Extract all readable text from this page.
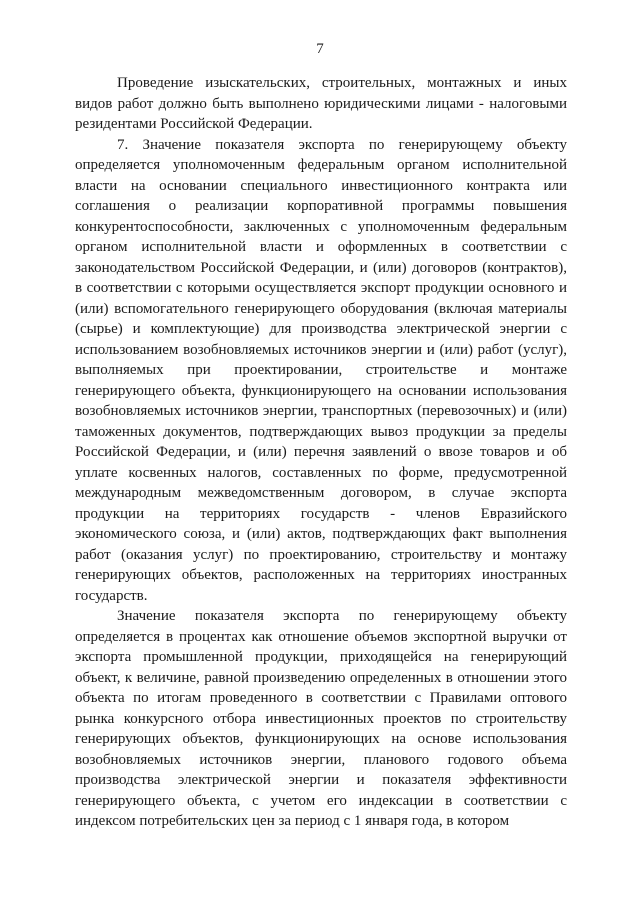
7

Проведение изыскательских, строительных, монтажных и иных видов работ должно быть выполнено юридическими лицами - налоговыми резидентами Российской Федерации.

7. Значение показателя экспорта по генерирующему объекту определяется уполномоченным федеральным органом исполнительной власти на основании специального инвестиционного контракта или соглашения о реализации корпоративной программы повышения конкурентоспособности, заключенных с уполномоченным федеральным органом исполнительной власти и оформленных в соответствии с законодательством Российской Федерации, и (или) договоров (контрактов), в соответствии с которыми осуществляется экспорт продукции основного и (или) вспомогательного генерирующего оборудования (включая материалы (сырье) и комплектующие) для производства электрической энергии с использованием возобновляемых источников энергии и (или) работ (услуг), выполняемых при проектировании, строительстве и монтаже генерирующего объекта, функционирующего на основании использования возобновляемых источников энергии, транспортных (перевозочных) и (или) таможенных документов, подтверждающих вывоз продукции за пределы Российской Федерации, и (или) перечня заявлений о ввозе товаров и об уплате косвенных налогов, составленных по форме, предусмотренной международным межведомственным договором, в случае экспорта продукции на территориях государств - членов Евразийского экономического союза, и (или) актов, подтверждающих факт выполнения работ (оказания услуг) по проектированию, строительству и монтажу генерирующих объектов, расположенных на территориях иностранных государств.

Значение показателя экспорта по генерирующему объекту определяется в процентах как отношение объемов экспортной выручки от экспорта промышленной продукции, приходящейся на генерирующий объект, к величине, равной произведению определенных в отношении этого объекта по итогам проведенного в соответствии с Правилами оптового рынка конкурсного отбора инвестиционных проектов по строительству генерирующих объектов, функционирующих на основе использования возобновляемых источников энергии, планового годового объема производства электрической энергии и показателя эффективности генерирующего объекта, с учетом его индексации в соответствии с индексом потребительских цен за период с 1 января года, в котором
